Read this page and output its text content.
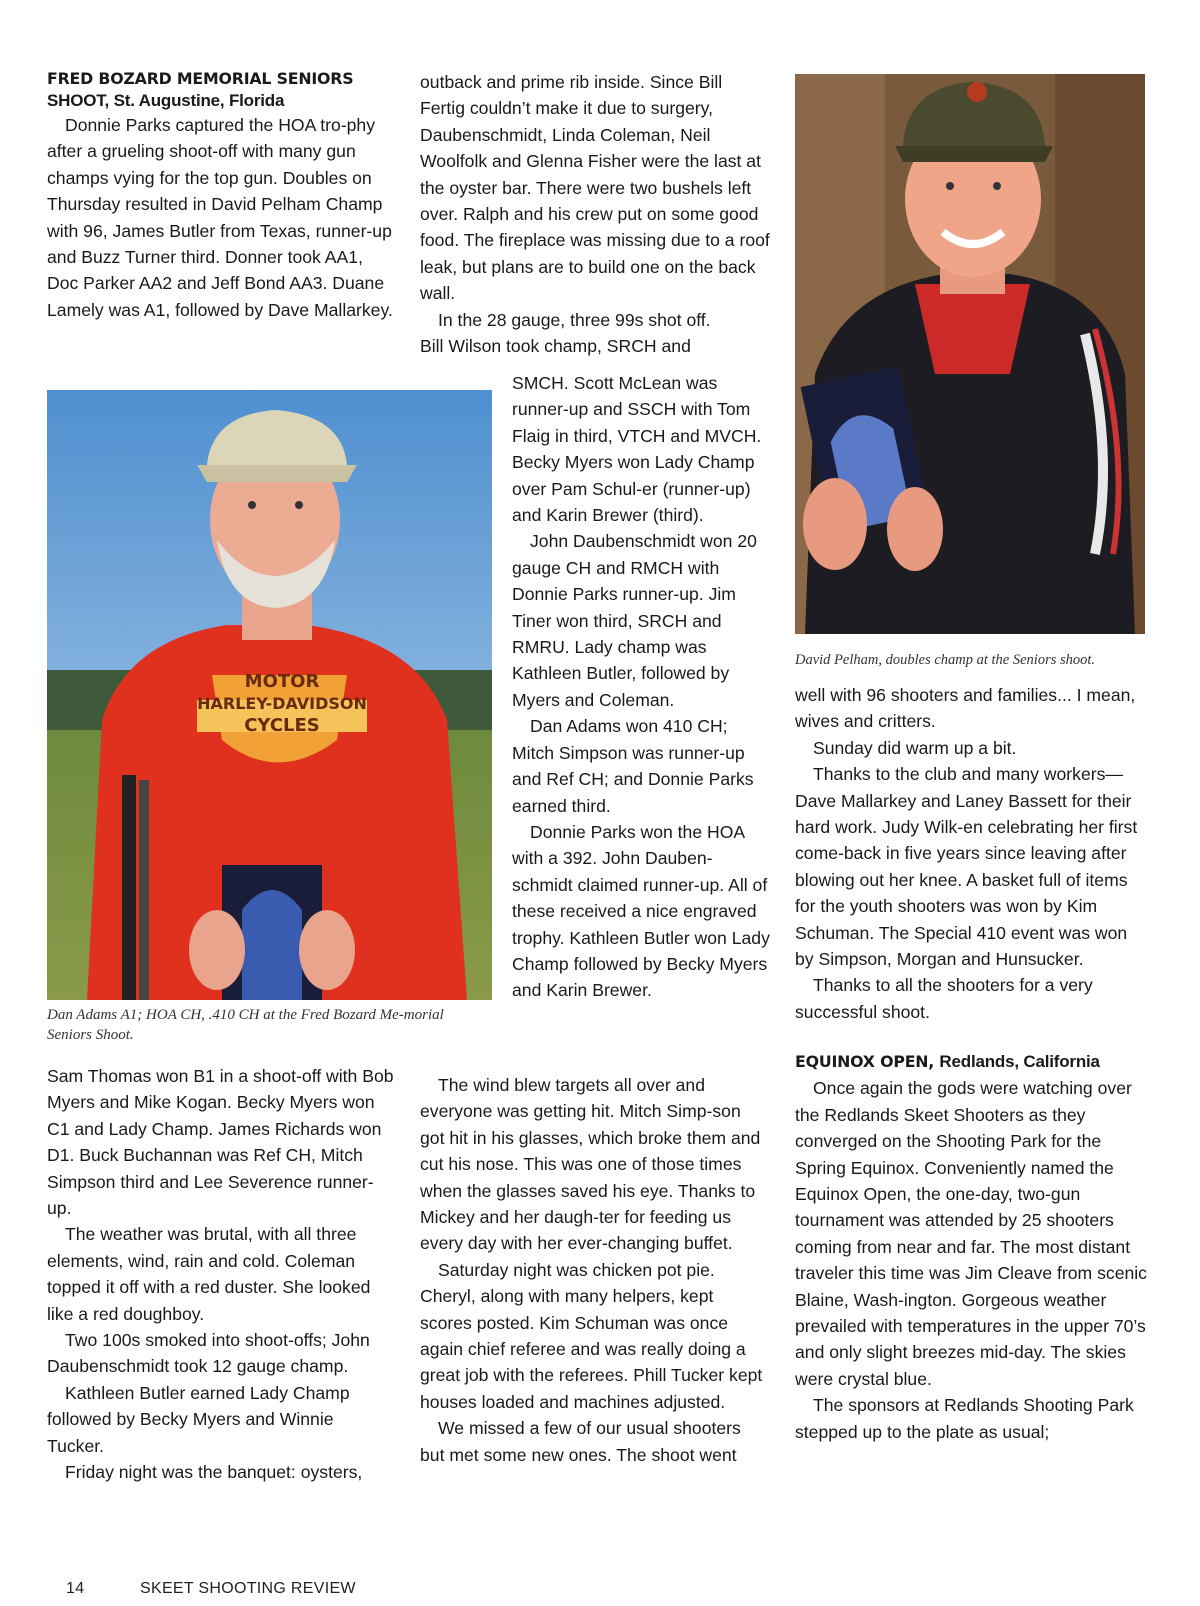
FRED BOZARD MEMORIAL SENIORS
SHOOT, St. Augustine, Florida

Donnie Parks captured the HOA tro-phy after a grueling shoot-off with many gun champs vying for the top gun. Doubles on Thursday resulted in David Pelham Champ with 96, James Butler from Texas, runner-up and Buzz Turner third. Donner took AA1, Doc Parker AA2 and Jeff Bond AA3. Duane Lamely was A1, followed by Dave Mallarkey.

MOTOR
HARLEY-DAVIDSON
CYCLES
Dan Adams A1; HOA CH, .410 CH at the Fred Bozard Me-morial Seniors Shoot.

Sam Thomas won B1 in a shoot-off with Bob Myers and Mike Kogan. Becky Myers won C1 and Lady Champ. James Richards won D1. Buck Buchannan was Ref CH, Mitch Simpson third and Lee Severence runner-up.

The weather was brutal, with all three elements, wind, rain and cold. Coleman topped it off with a red duster. She looked like a red doughboy.

Two 100s smoked into shoot-offs; John Daubenschmidt took 12 gauge champ.

Kathleen Butler earned Lady Champ followed by Becky Myers and Winnie Tucker.

Friday night was the banquet: oysters,

outback and prime rib inside. Since Bill Fertig couldn’t make it due to surgery, Daubenschmidt, Linda Coleman, Neil Woolfolk and Glenna Fisher were the last at the oyster bar. There were two bushels left over. Ralph and his crew put on some good food. The fireplace was missing due to a roof leak, but plans are to build one on the back wall.

In the 28 gauge, three 99s shot off.

Bill Wilson took champ, SRCH and

SMCH. Scott McLean was runner-up and SSCH with Tom Flaig in third, VTCH and MVCH. Becky Myers won Lady Champ over Pam Schul-er (runner-up) and Karin Brewer (third).

John Daubenschmidt won 20 gauge CH and RMCH with Donnie Parks runner-up. Jim Tiner won third, SRCH and RMRU. Lady champ was Kathleen Butler, followed by Myers and Coleman.

Dan Adams won 410 CH; Mitch Simpson was runner-up and Ref CH; and Donnie Parks earned third.

Donnie Parks won the HOA with a 392. John Dauben-schmidt claimed runner-up. All of these received a nice engraved trophy. Kathleen Butler won Lady Champ followed by Becky Myers and Karin Brewer.

The wind blew targets all over and everyone was getting hit. Mitch Simp-son got hit in his glasses, which broke them and cut his nose. This was one of those times when the glasses saved his eye. Thanks to Mickey and her daugh-ter for feeding us every day with her ever-changing buffet.

Saturday night was chicken pot pie. Cheryl, along with many helpers, kept scores posted. Kim Schuman was once again chief referee and was really doing a great job with the referees. Phill Tucker kept houses loaded and machines adjusted.

We missed a few of our usual shooters but met some new ones. The shoot went

David Pelham, doubles champ at the Seniors shoot.

well with 96 shooters and families... I mean, wives and critters.

Sunday did warm up a bit.

Thanks to the club and many workers—Dave Mallarkey and Laney Bassett for their hard work. Judy Wilk-en celebrating her first come-back in five years since leaving after blowing out her knee. A basket full of items for the youth shooters was won by Kim Schuman. The Special 410 event was won by Simpson, Morgan and Hunsucker.

Thanks to all the shooters for a very successful shoot.

EQUINOX OPEN, Redlands, California

Once again the gods were watching over the Redlands Skeet Shooters as they converged on the Shooting Park for the Spring Equinox. Conveniently named the Equinox Open, the one-day, two-gun tournament was attended by 25 shooters coming from near and far. The most distant traveler this time was Jim Cleave from scenic Blaine, Wash-ington. Gorgeous weather prevailed with temperatures in the upper 70’s and only slight breezes mid-day. The skies were crystal blue.

The sponsors at Redlands Shooting Park stepped up to the plate as usual;

14	SKEET SHOOTING REVIEW
